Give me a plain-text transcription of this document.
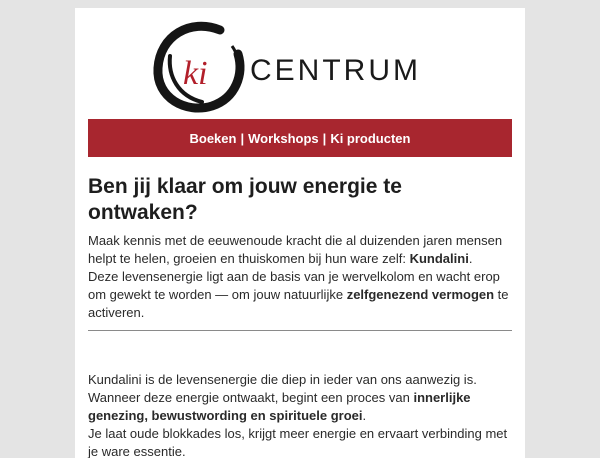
ki CENTRUM
Boeken | Workshops | Ki producten
Ben jij klaar om jouw energie te ontwaken?

Maak kennis met de eeuwenoude kracht die al duizenden jaren mensen helpt te helen, groeien en thuiskomen bij hun ware zelf: Kundalini.

Deze levensenergie ligt aan de basis van je wervelkolom en wacht erop om gewekt te worden — om jouw natuurlijke zelfgenezend vermogen te activeren.

Kundalini is de levensenergie die diep in ieder van ons aanwezig is.

Wanneer deze energie ontwaakt, begint een proces van innerlijke genezing, bewustwording en spirituele groei.

Je laat oude blokkades los, krijgt meer energie en ervaart verbinding met je ware essentie.
